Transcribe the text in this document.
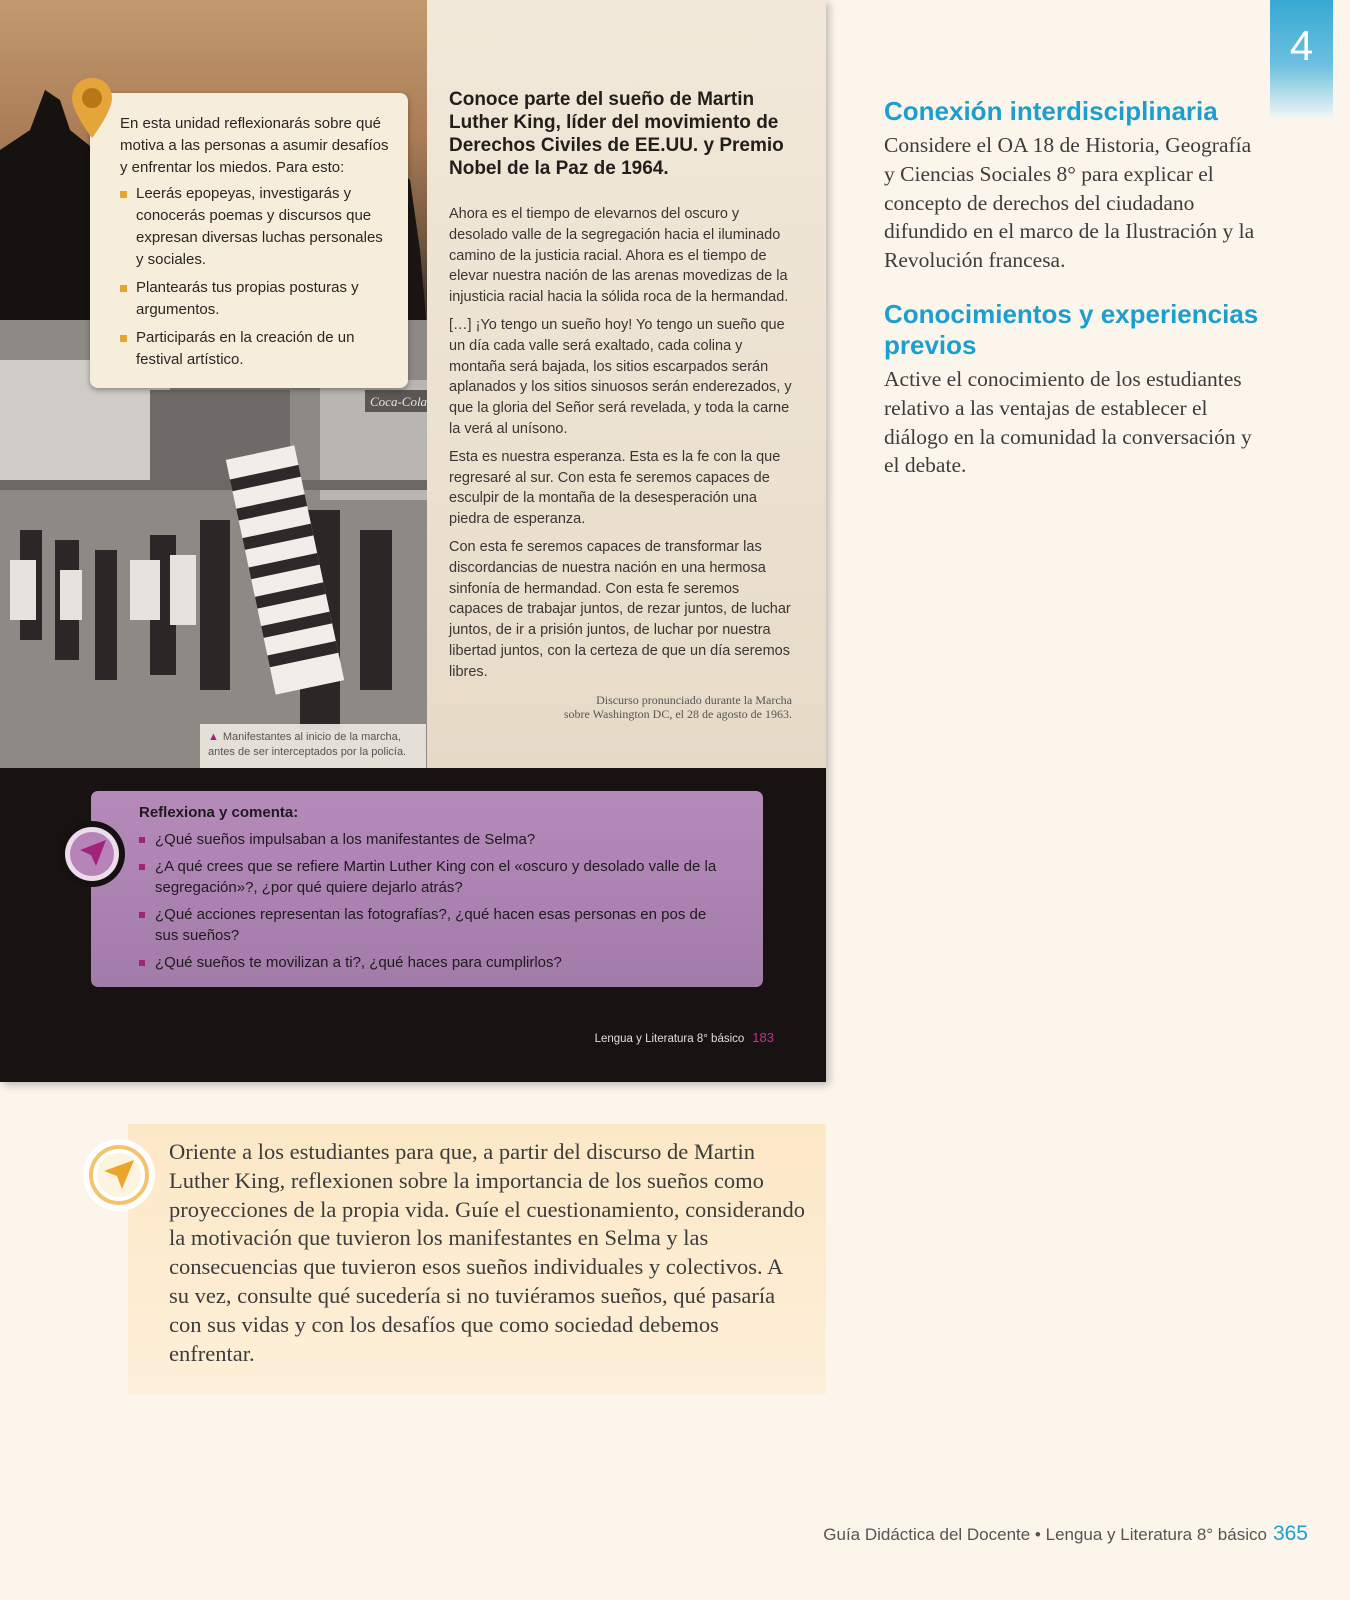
Coca-Cola
▲ Manifestantes al inicio de la marcha, antes de ser interceptados por la policía.

En esta unidad reflexionarás sobre qué motiva a las personas a asumir desafíos y enfrentar los miedos. Para esto:

Leerás epopeyas, investigarás y conocerás poemas y discursos que expresan diversas luchas personales y sociales.
Plantearás tus propias posturas y argumentos.
Participarás en la creación de un festival artístico.
Conoce parte del sueño de Martin Luther King, líder del movimiento de Derechos Civiles de EE.UU. y Premio Nobel de la Paz de 1964.

Ahora es el tiempo de elevarnos del oscuro y desolado valle de la segregación hacia el iluminado camino de la justicia racial. Ahora es el tiempo de elevar nuestra nación de las arenas movedizas de la injusticia racial hacia la sólida roca de la hermandad.

[…] ¡Yo tengo un sueño hoy! Yo tengo un sueño que un día cada valle será exaltado, cada colina y montaña será bajada, los sitios escarpados serán aplanados y los sitios sinuosos serán enderezados, y que la gloria del Señor será revelada, y toda la carne la verá al unísono.

Esta es nuestra esperanza. Esta es la fe con la que regresaré al sur. Con esta fe seremos capaces de esculpir de la montaña de la desesperación una piedra de esperanza.

Con esta fe seremos capaces de transformar las discordancias de nuestra nación en una hermosa sinfonía de hermandad. Con esta fe seremos capaces de trabajar juntos, de rezar juntos, de luchar juntos, de ir a prisión juntos, de luchar por nuestra libertad juntos, con la certeza de que un día seremos libres.

Discurso pronunciado durante la Marcha
sobre Washington DC, el 28 de agosto de 1963.
Reflexiona y comenta:
¿Qué sueños impulsaban a los manifestantes de Selma?
¿A qué crees que se refiere Martin Luther King con el «oscuro y desolado valle de la segregación»?, ¿por qué quiere dejarlo atrás?
¿Qué acciones representan las fotografías?, ¿qué hacen esas personas en pos de sus sueños?
¿Qué sueños te movilizan a ti?, ¿qué haces para cumplirlos?
Lengua y Literatura 8° básico 183
4
Conexión interdisciplinaria

Considere el OA 18 de Historia, Geografía y Ciencias Sociales 8° para explicar el concepto de derechos del ciudadano difundido en el marco de la Ilustración y la Revolución francesa.

Conocimientos y experiencias previos

Active el conocimiento de los estudiantes relativo a las ventajas de establecer el diálogo en la comunidad la conversación y el debate.

Oriente a los estudiantes para que, a partir del discurso de Martin Luther King, reflexionen sobre la importancia de los sueños como proyecciones de la propia vida. Guíe el cuestionamiento, considerando la motivación que tuvieron los manifestantes en Selma y las consecuencias que tuvieron esos sueños individuales y colectivos. A su vez, consulte qué sucedería si no tuviéramos sueños, qué pasaría con sus vidas y con los desafíos que como sociedad debemos enfrentar.

Guía Didáctica del Docente • Lengua y Literatura 8° básico 365
